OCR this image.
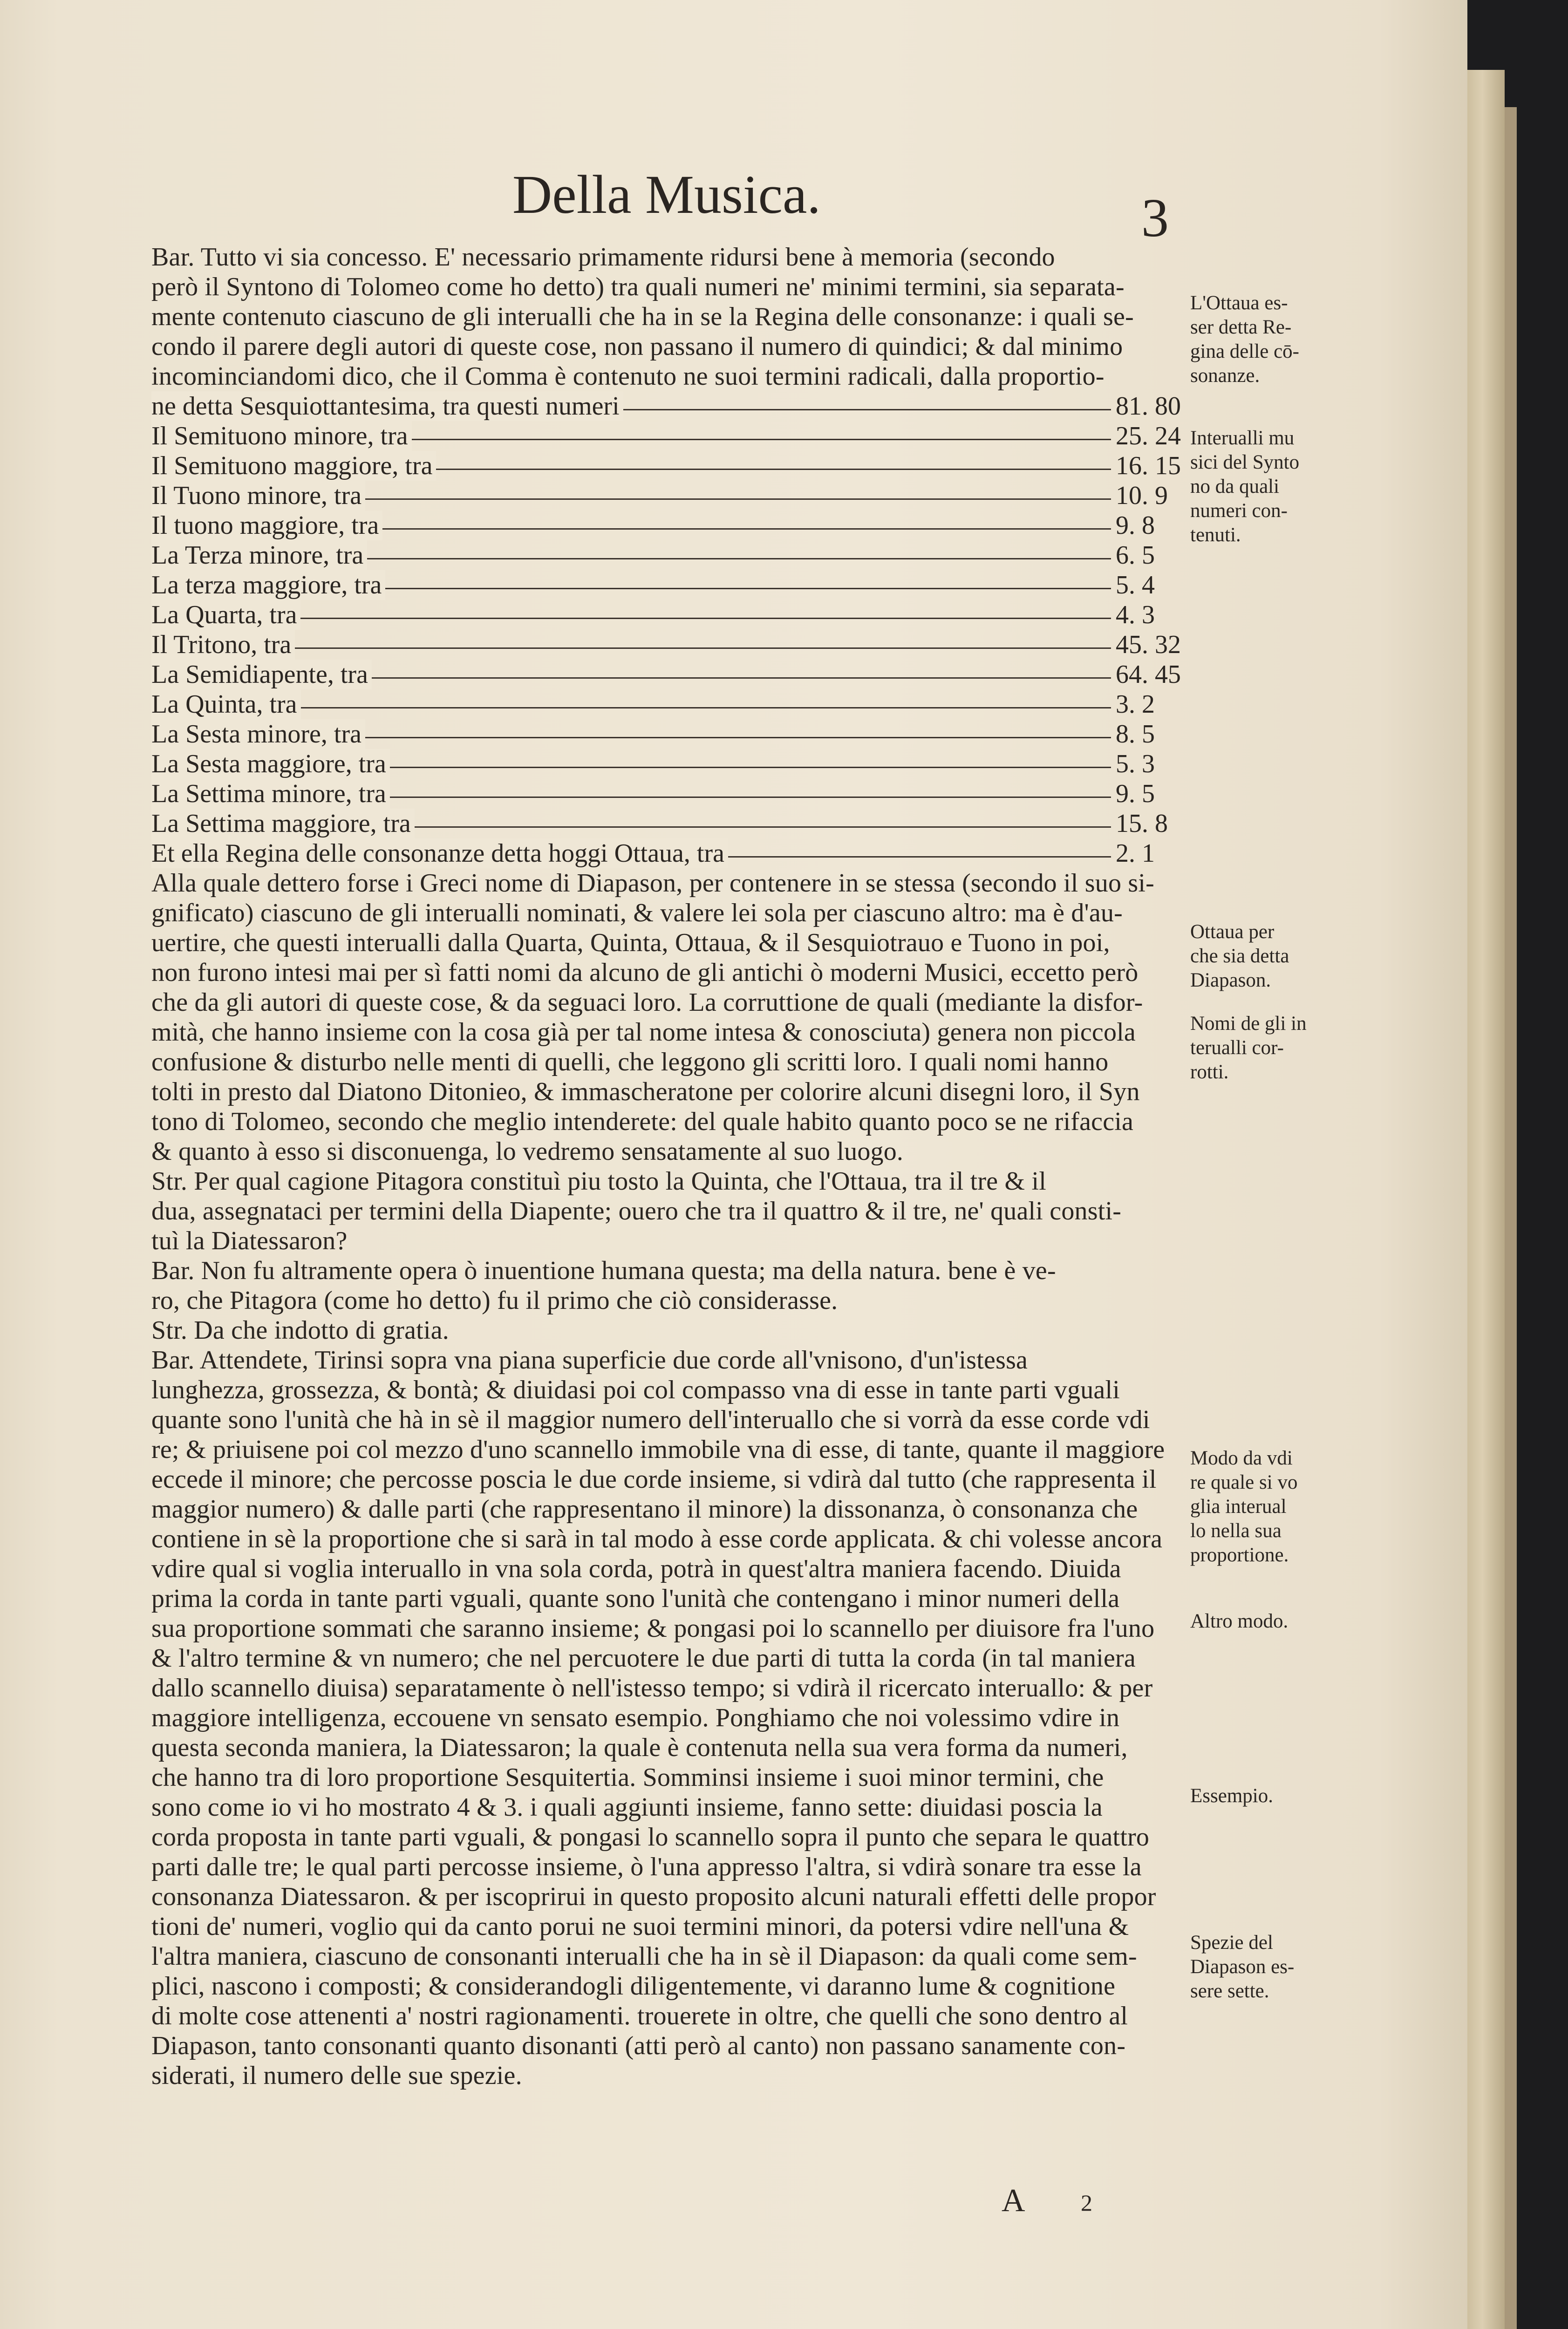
Della Musica.	3
Bar. Tutto vi sia concesso. E' necessario primamente ridursi bene à memoria (secondo
però il Syntono di Tolomeo come ho detto) tra quali numeri ne' minimi termini, sia separata-
mente contenuto ciascuno de gli interualli che ha in se la Regina delle consonanze: i quali se-
condo il parere degli autori di queste cose, non passano il numero di quindici; & dal minimo
incominciandomi dico, che il Comma è contenuto ne suoi termini radicali, dalla proportio-
ne detta Sesquiottantesima, tra questi numeri	81. 80
Il Semituono minore, tra	25. 24
Il Semituono maggiore, tra	16. 15
Il Tuono minore, tra	10. 9
Il tuono maggiore, tra	9. 8
La Terza minore, tra	6. 5
La terza maggiore, tra	5. 4
La Quarta, tra	4. 3
Il Tritono, tra	45. 32
La Semidiapente, tra	64. 45
La Quinta, tra	3. 2
La Sesta minore, tra	8. 5
La Sesta maggiore, tra	5. 3
La Settima minore, tra	9. 5
La Settima maggiore, tra	15. 8
Et ella Regina delle consonanze detta hoggi Ottaua, tra	2. 1
Alla quale dettero forse i Greci nome di Diapason, per contenere in se stessa (secondo il suo si-
gnificato) ciascuno de gli interualli nominati, & valere lei sola per ciascuno altro: ma è d'au-
uertire, che questi interualli dalla Quarta, Quinta, Ottaua, & il Sesquiotrauo e Tuono in poi,
non furono intesi mai per sì fatti nomi da alcuno de gli antichi ò moderni Musici, eccetto però
che da gli autori di queste cose, & da seguaci loro. La corruttione de quali (mediante la disfor-
mità, che hanno insieme con la cosa già per tal nome intesa & conosciuta) genera non piccola
confusione & disturbo nelle menti di quelli, che leggono gli scritti loro. I quali nomi hanno
tolti in presto dal Diatono Ditonieo, & immascheratone per colorire alcuni disegni loro, il Syn
tono di Tolomeo, secondo che meglio intenderete: del quale habito quanto poco se ne rifaccia
& quanto à esso si disconuenga, lo vedremo sensatamente al suo luogo.
Str. Per qual cagione Pitagora constituì piu tosto la Quinta, che l'Ottaua, tra il tre & il
dua, assegnataci per termini della Diapente; ouero che tra il quattro & il tre, ne' quali consti-
tuì la Diatessaron?
Bar. Non fu altramente opera ò inuentione humana questa; ma della natura. bene è ve-
ro, che Pitagora (come ho detto) fu il primo che ciò considerasse.
Str. Da che indotto di gratia.
Bar. Attendete, Tirinsi sopra vna piana superficie due corde all'vnisono, d'un'istessa
lunghezza, grossezza, & bontà; & diuidasi poi col compasso vna di esse in tante parti vguali
quante sono l'unità che hà in sè il maggior numero dell'interuallo che si vorrà da esse corde vdi
re; & priuisene poi col mezzo d'uno scannello immobile vna di esse, di tante, quante il maggiore
eccede il minore; che percosse poscia le due corde insieme, si vdirà dal tutto (che rappresenta il
maggior numero) & dalle parti (che rappresentano il minore) la dissonanza, ò consonanza che
contiene in sè la proportione che si sarà in tal modo à esse corde applicata. & chi volesse ancora
vdire qual si voglia interuallo in vna sola corda, potrà in quest'altra maniera facendo. Diuida
prima la corda in tante parti vguali, quante sono l'unità che contengano i minor numeri della
sua proportione sommati che saranno insieme; & pongasi poi lo scannello per diuisore fra l'uno
& l'altro termine & vn numero; che nel percuotere le due parti di tutta la corda (in tal maniera
dallo scannello diuisa) separatamente ò nell'istesso tempo; si vdirà il ricercato interuallo: & per
maggiore intelligenza, eccouene vn sensato esempio. Ponghiamo che noi volessimo vdire in
questa seconda maniera, la Diatessaron; la quale è contenuta nella sua vera forma da numeri,
che hanno tra di loro proportione Sesquitertia. Somminsi insieme i suoi minor termini, che
sono come io vi ho mostrato 4 & 3. i quali aggiunti insieme, fanno sette: diuidasi poscia la
corda proposta in tante parti vguali, & pongasi lo scannello sopra il punto che separa le quattro
parti dalle tre; le qual parti percosse insieme, ò l'una appresso l'altra, si vdirà sonare tra esse la
consonanza Diatessaron. & per iscoprirui in questo proposito alcuni naturali effetti delle propor
tioni de' numeri, voglio qui da canto porui ne suoi termini minori, da potersi vdire nell'una &
l'altra maniera, ciascuno de consonanti interualli che ha in sè il Diapason: da quali come sem-
plici, nascono i composti; & considerandogli diligentemente, vi daranno lume & cognitione
di molte cose attenenti a' nostri ragionamenti. trouerete in oltre, che quelli che sono dentro al
Diapason, tanto consonanti quanto disonanti (atti però al canto) non passano sanamente con-
siderati, il numero delle sue spezie.
L'Ottaua es-
ser detta Re-
gina delle cō-
sonanze.
Interualli mu
sici del Synto
no da quali
numeri con-
tenuti.
Ottaua per
che sia detta
Diapason.
Nomi de gli in
terualli cor-
rotti.
Modo da vdi
re quale si vo
glia interual
lo nella sua
proportione.
Altro modo.
Essempio.
Spezie del
Diapason es-
sere sette.
A 2
